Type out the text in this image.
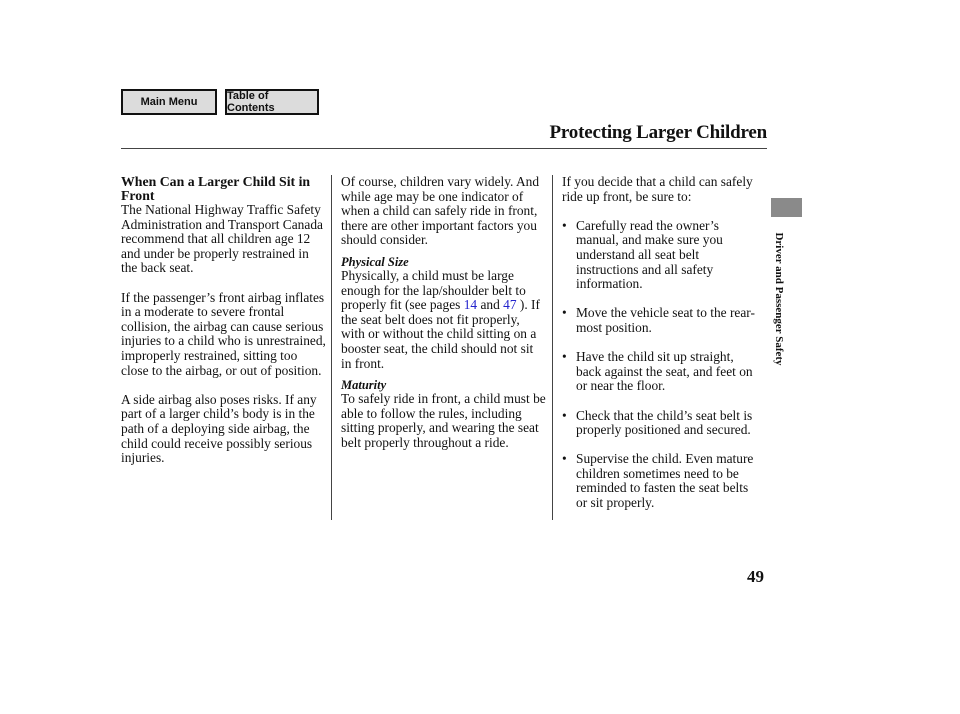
Main Menu	Table of Contents
Protecting Larger Children

When Can a Larger Child Sit in
Front

The National Highway Traffic Safety Administration and Transport Canada recommend that all children age 12 and under be properly restrained in the back seat.

If the passenger’s front airbag inflates in a moderate to severe frontal collision, the airbag can cause serious injuries to a child who is unrestrained, improperly restrained, sitting too close to the airbag, or out of position.

A side airbag also poses risks. If any part of a larger child’s body is in the path of a deploying side airbag, the child could receive possibly serious injuries.

Of course, children vary widely. And while age may be one indicator of when a child can safely ride in front, there are other important factors you should consider.

Physical Size

Physically, a child must be large enough for the lap/shoulder belt to properly fit (see pages 14 and 47 ). If the seat belt does not fit properly, with or without the child sitting on a booster seat, the child should not sit in front.

Maturity

To safely ride in front, a child must be able to follow the rules, including sitting properly, and wearing the seat belt properly throughout a ride.

If you decide that a child can safely ride up front, be sure to:

• Carefully read the owner’s manual, and make sure you understand all seat belt instructions and all safety information.
• Move the vehicle seat to the rear-most position.
• Have the child sit up straight, back against the seat, and feet on or near the floor.
• Check that the child’s seat belt is properly positioned and secured.
• Supervise the child. Even mature children sometimes need to be reminded to fasten the seat belts or sit properly.
Driver and Passenger Safety
49
